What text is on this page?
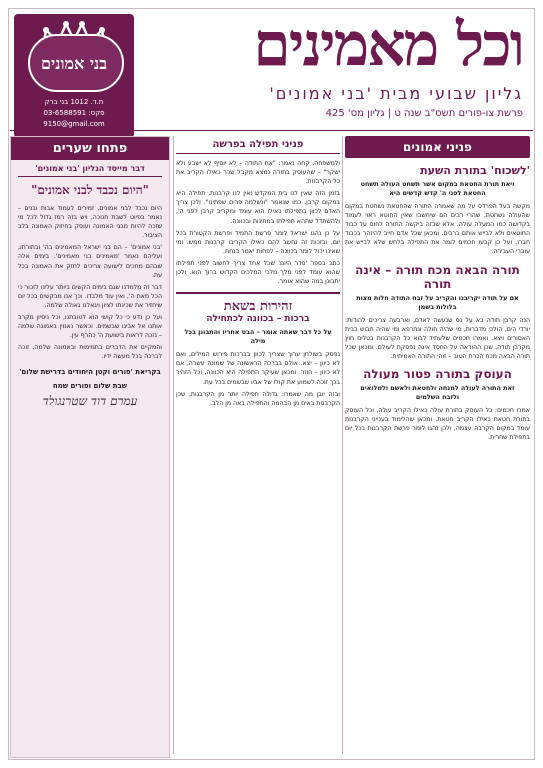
בני אמונים
ת.ד. 1012 בני ברק
03-6588591 :פקס
9150@gmail.com
וכל מאמינים
גליון שבועי מבית 'בני אמונים'
פרשת צו-פורים תשס"ב שנה ט | גליון מס' 425
פניני אמונים
'לשכוח' בתורת השעת
ויאת תורת החטאת במקום אשר תשחט העולה תשחט החטאת לפני ה' קדש קדשים היא

מקשה בעל הפרדס על מה שאמרה התורה שהחטאת נשחטת במקום שהעולה נשחטת, שהרי רבים הם שיחשבו שאין החוטא ראוי לעמוד בקדושה כמו המעלה עולה. אלא שבזה ביקשה התורה לחוס על כבוד החוטאים ולא לבייש אותם ברבים, ומכאן שכל אדם חייב להיזהר בכבוד חברו. ועל כן קבעו חכמים לומר את התפילה בלחש שלא לבייש את עוברי העבירה.

תורה הבאה מכח תורה – אינה תורה
אם על תודה יקריבנו והקריב על זבח התודה חלות מצות בלולות בשמן

הנה קרבן תודה בא על נס שנעשה לאדם, וארבעה צריכים להודות: יורדי הים, הולכי מדברות, מי שהיה חולה ונתרפא ומי שהיה חבוש בבית האסורים ויצא. ואמרו חכמים שלעתיד לבוא כל הקרבנות בטלים חוץ מקרבן תודה, שכן ההודאה על החסד אינה נפסקת לעולם. ומכאן שכל תורה הבאה מכח הכרת הטוב – זוהי התורה האמיתית.

העוסק בתורה פטור מעולה
זאת התורה לעולה למנחה ולחטאת ולאשם ולמלואים ולזבח השלמים

אמרו חכמים: כל העוסק בתורת עולה כאילו הקריב עולה, וכל העוסק בתורת חטאת כאילו הקריב חטאת. ומכאן שהלימוד בענייני הקרבנות עומד במקום הקרבה עצמה, ולכן נהגו לומר פרשת הקרבנות בכל יום בתפילת שחרית.

פניני תפילה בפרשה

ולמשפחה, קחה נאמר: "את התודה – לא יוסיף לא ישבע ולא ישקר" – שהעוסק בתורה נמצא מקבל שכר כאילו הקריב את כל הקרבנות.

בזמן הזה שאין לנו בית המקדש ואין לנו קרבנות, תפילה היא במקום קרבן, כמו שנאמר "ונשלמה פרים שפתינו". ולכן צריך האדם לכוון בתפילתו כאילו הוא עומד ומקריב קרבן לפני ה', ולהשתדל שתהא תפילתו במתינות ובכוונה.

על כן נהגו ישראל לומר פרשת התמיד ופרשת הקטורת בכל יום, ובזכות זה נחשב להם כאילו הקריבו קרבנות ממש. ומי שאינו יכול לומר בכוונה – לפחות יאמר בנחת.

כתב בספר 'סדר היום' שכל אחד צריך לחשוב לפני תפילתו שהוא עומד לפני מלך מלכי המלכים הקדוש ברוך הוא, ולכן יתבונן במה שהוא אומר.

זהירות בשאת
ברכות – בכוונה לכתחילה
על כל דבר שאתה אומר – הבט אחריו והתבונן בכל מילה

נפסק בשולחן ערוך שצריך לכוון בברכות פירוש המילים, ואם לא כיוון – יצא. אולם בברכה הראשונה של שמונה עשרה, אם לא כיוון – חוזר. ומכאן שעיקר התפילה היא הכוונה, וכל הזהיר בכך זוכה לשמוע את קולו של אביו שבשמים בכל עת.

ובזה יובן מה שאמרו: גדולה תפילה יותר מן הקרבנות, שכן הקרבנות באים מן הבהמה והתפילה באה מן הלב.

פתחו שערים
דבר מייסד הגליון 'בני אמונים'
"היום נכבד לבני אמונים"

היום נכבד לבני אמונים, זמירים לעמוד אבות ובנים – נאמר בפיוט לשבת חנוכה, ויש בזה רמז גדול לכל מי שזכה להיות מבני האמונה ועוסק בחיזוק האמונה בלב הציבור.

'בני אמונים' – הם בני ישראל המאמינים בה' ובתורתו, ועליהם נאמר 'מאמינים בני מאמינים'. בימים אלה שבהם מחכים לישועה צריכים לחזק את האמונה בכל עת.

דבר זה מלמדנו שגם בימים הקשים ביותר עלינו לזכור כי הכל מאת ה', ואין עוד מלבדו. וכך אנו מבקשים בכל יום שיחזיר את שכינתו לציון ויגאלנו גאולה שלמה.

ועל כן נדע כי כל קושי הוא לטובתנו, וכל ניסיון מקרב אותנו אל אבינו שבשמים. וכאשר נאמין באמונה שלמה – נזכה לראות בישועת ה' כהרף עין.

והמקיים את הדברים בתמימות ובאמונה שלמה, זוכה לברכה בכל מעשה ידיו.

בקריאת 'פורים וקטן היחודים בדרישת שלום'
שבת שלום ופורים שמח
עמרם דוד שטרנגולד
